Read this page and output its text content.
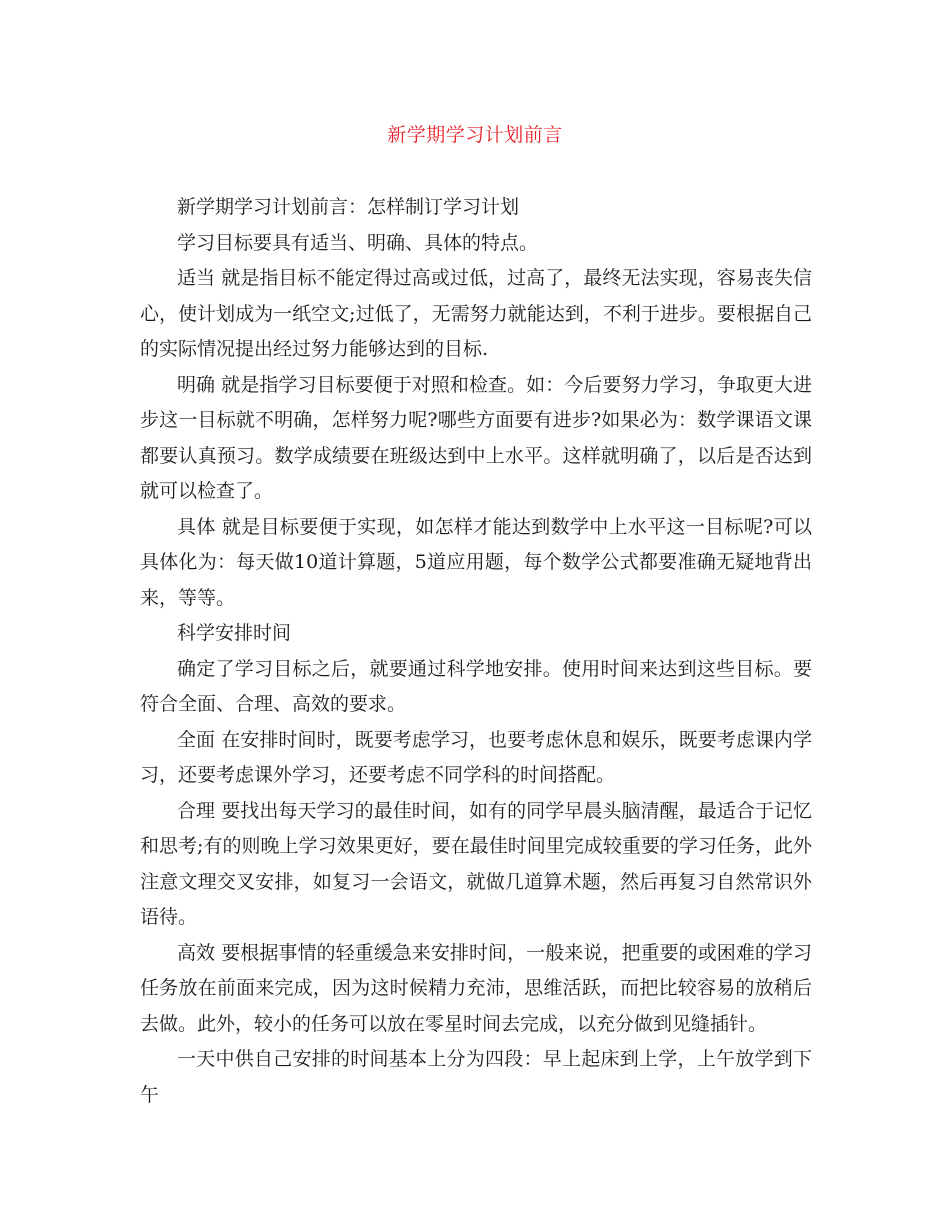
新学期学习计划前言

新学期学习计划前言：怎样制订学习计划

学习目标要具有适当、明确、具体的特点。

适当 就是指目标不能定得过高或过低，过高了，最终无法实现，容易丧失信心，使计划成为一纸空文;过低了，无需努力就能达到，不利于进步。要根据自己的实际情况提出经过努力能够达到的目标.

明确 就是指学习目标要便于对照和检查。如：今后要努力学习，争取更大进步这一目标就不明确，怎样努力呢?哪些方面要有进步?如果必为：数学课语文课都要认真预习。数学成绩要在班级达到中上水平。这样就明确了，以后是否达到就可以检查了。

具体 就是目标要便于实现，如怎样才能达到数学中上水平这一目标呢?可以具体化为：每天做10道计算题，5道应用题，每个数学公式都要准确无疑地背出来，等等。

科学安排时间

确定了学习目标之后，就要通过科学地安排。使用时间来达到这些目标。要符合全面、合理、高效的要求。

全面 在安排时间时，既要考虑学习，也要考虑休息和娱乐，既要考虑课内学习，还要考虑课外学习，还要考虑不同学科的时间搭配。

合理 要找出每天学习的最佳时间，如有的同学早晨头脑清醒，最适合于记忆和思考;有的则晚上学习效果更好，要在最佳时间里完成较重要的学习任务，此外注意文理交叉安排，如复习一会语文，就做几道算术题，然后再复习自然常识外语待。

高效 要根据事情的轻重缓急来安排时间，一般来说，把重要的或困难的学习任务放在前面来完成，因为这时候精力充沛，思维活跃，而把比较容易的放稍后去做。此外，较小的任务可以放在零星时间去完成，以充分做到见缝插针。

一天中供自己安排的时间基本上分为四段：早上起床到上学，上午放学到下午
